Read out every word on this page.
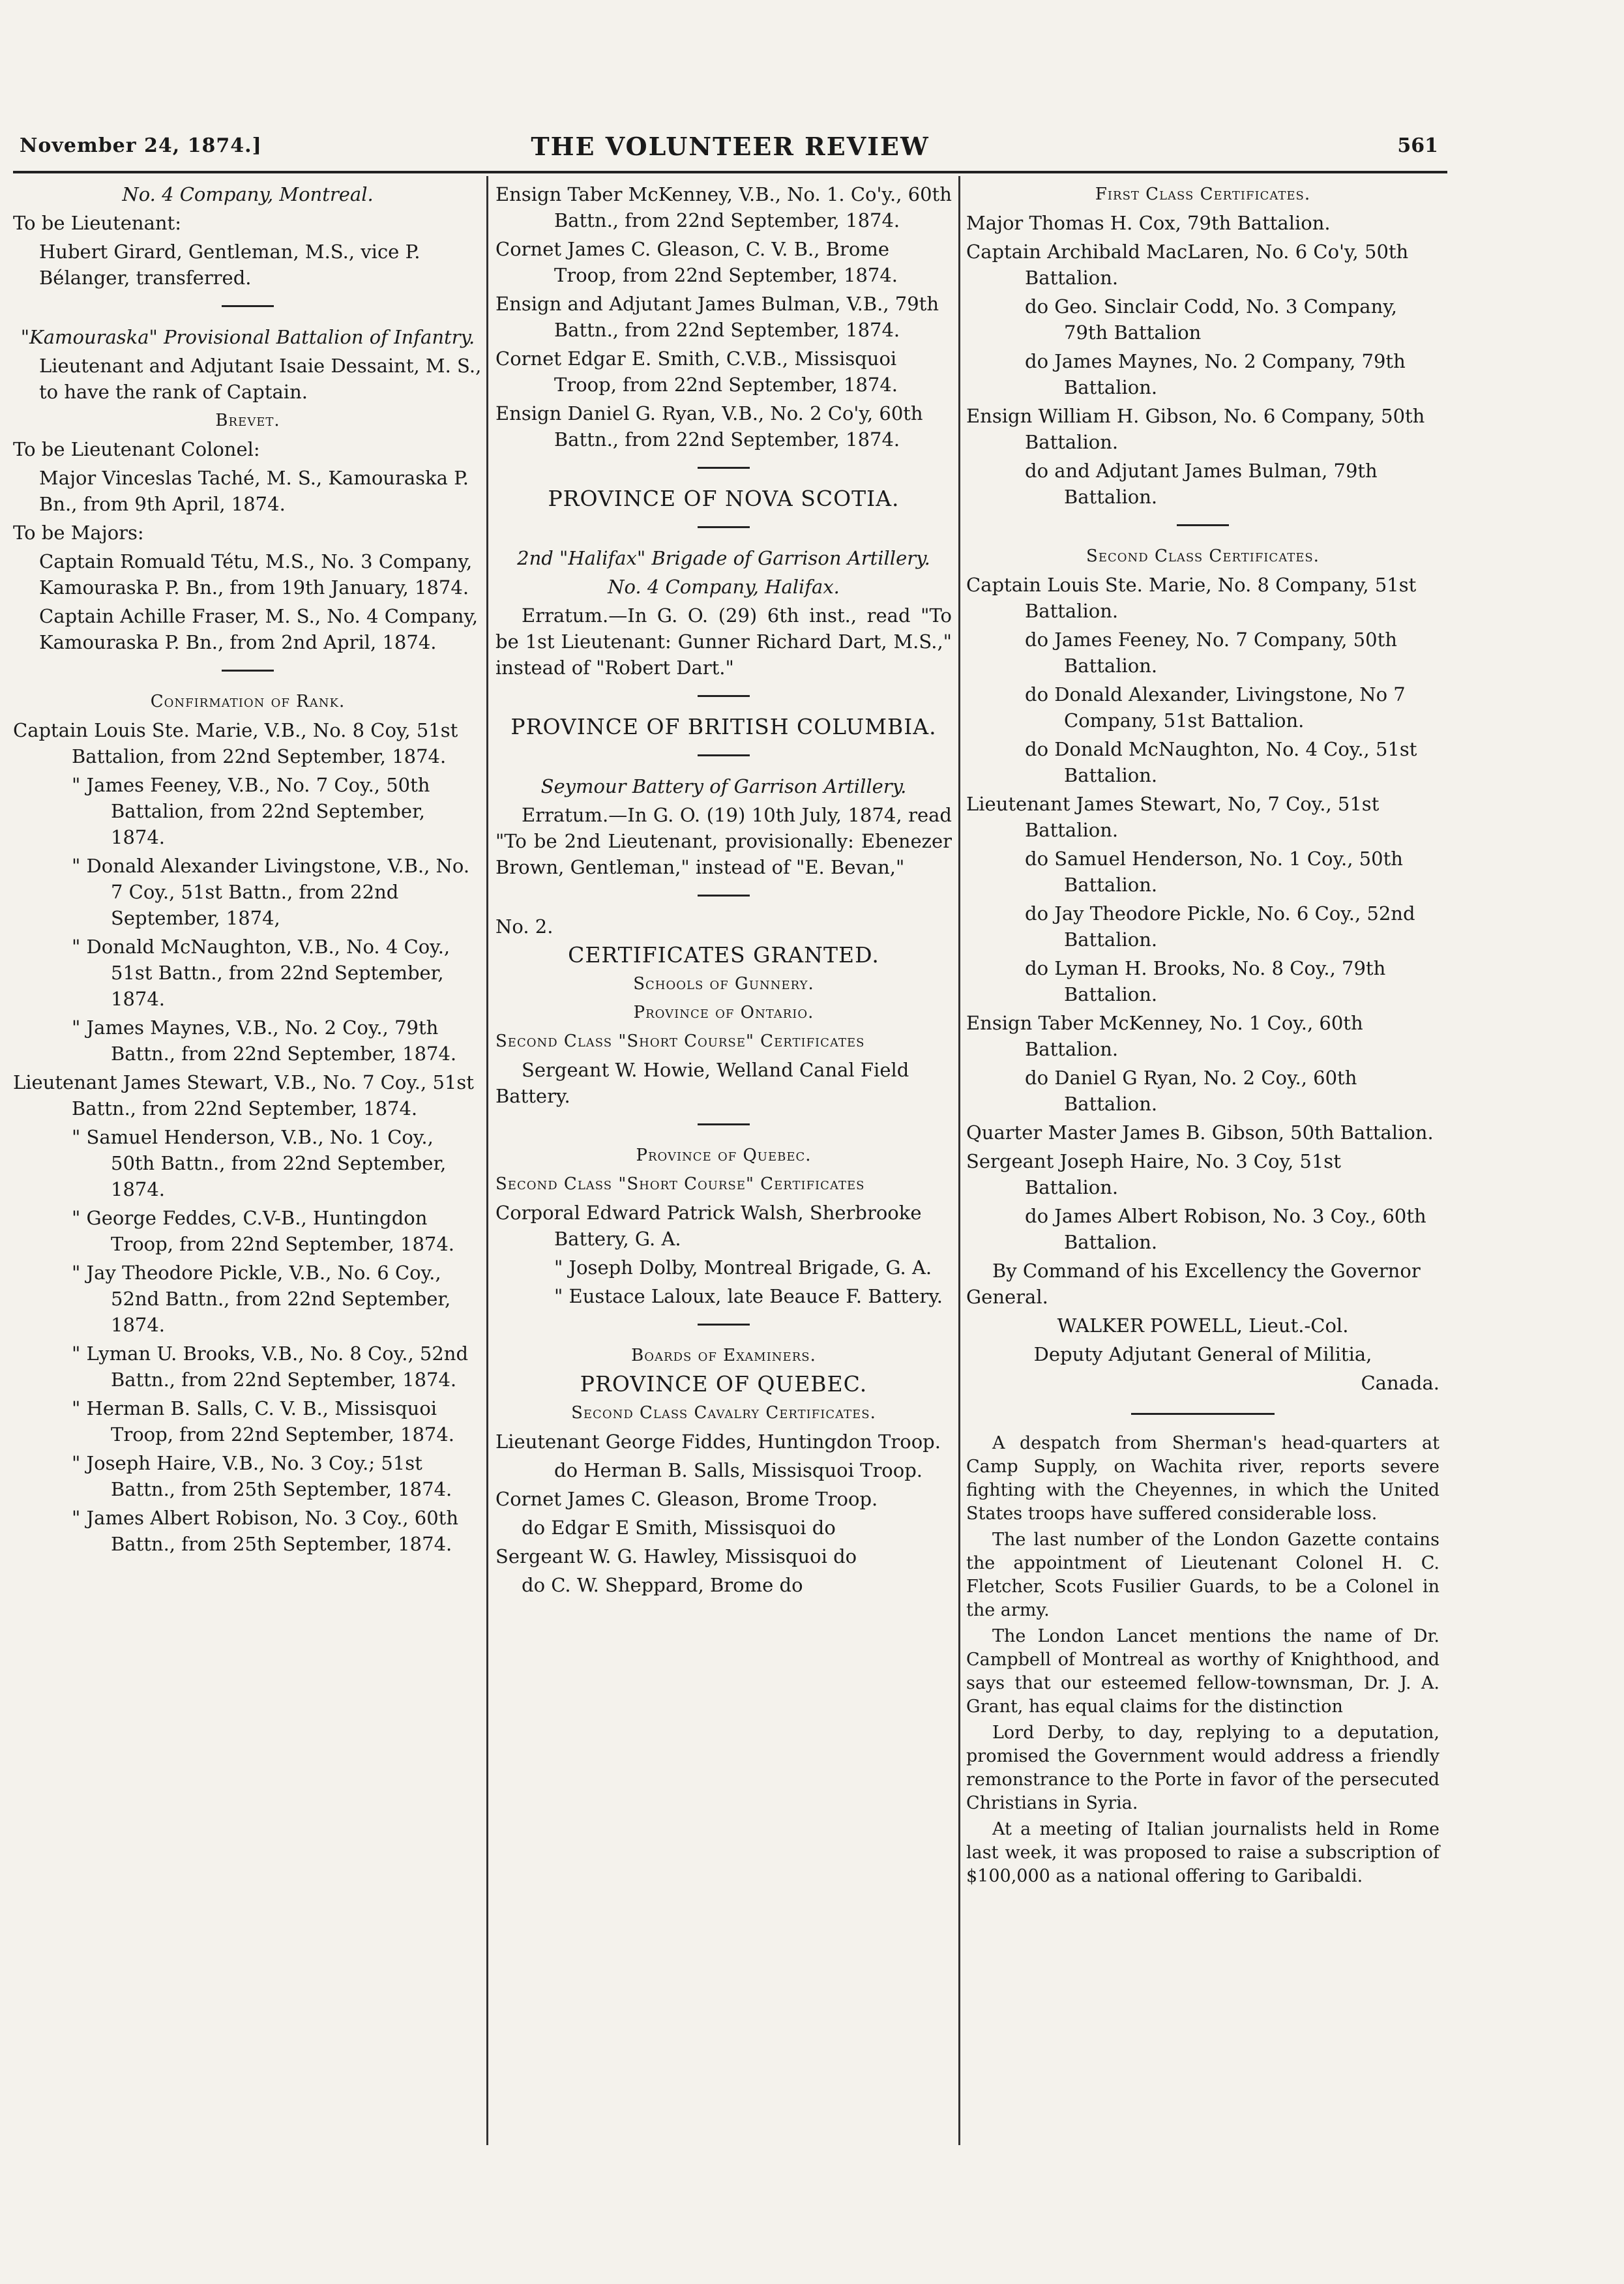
November 24, 1874.]	THE VOLUNTEER REVIEW	561

No. 4 Company, Montreal.

To be Lieutenant:

Hubert Girard, Gentleman, M.S., vice P. Bélanger, transferred.

"Kamouraska" Provisional Battalion of Infantry.

Lieutenant and Adjutant Isaie Dessaint, M. S., to have the rank of Captain.

Brevet.

To be Lieutenant Colonel:

Major Vinceslas Taché, M. S., Kamouraska P. Bn., from 9th April, 1874.

To be Majors:

Captain Romuald Tétu, M.S., No. 3 Company, Kamouraska P. Bn., from 19th January, 1874.

Captain Achille Fraser, M. S., No. 4 Company, Kamouraska P. Bn., from 2nd April, 1874.

Confirmation of Rank.

Captain Louis Ste. Marie, V.B., No. 8 Coy, 51st Battalion, from 22nd September, 1874.

" James Feeney, V.B., No. 7 Coy., 50th Battalion, from 22nd September, 1874.

" Donald Alexander Livingstone, V.B., No. 7 Coy., 51st Battn., from 22nd September, 1874,

" Donald McNaughton, V.B., No. 4 Coy., 51st Battn., from 22nd September, 1874.

" James Maynes, V.B., No. 2 Coy., 79th Battn., from 22nd September, 1874.

Lieutenant James Stewart, V.B., No. 7 Coy., 51st Battn., from 22nd September, 1874.

" Samuel Henderson, V.B., No. 1 Coy., 50th Battn., from 22nd September, 1874.

" George Feddes, C.V-B., Huntingdon Troop, from 22nd September, 1874.

" Jay Theodore Pickle, V.B., No. 6 Coy., 52nd Battn., from 22nd September, 1874.

" Lyman U. Brooks, V.B., No. 8 Coy., 52nd Battn., from 22nd September, 1874.

" Herman B. Salls, C. V. B., Missisquoi Troop, from 22nd September, 1874.

" Joseph Haire, V.B., No. 3 Coy.; 51st Battn., from 25th September, 1874.

" James Albert Robison, No. 3 Coy., 60th Battn., from 25th September, 1874.

Ensign Taber McKenney, V.B., No. 1. Co'y., 60th Battn., from 22nd September, 1874.

Cornet James C. Gleason, C. V. B., Brome Troop, from 22nd September, 1874.

Ensign and Adjutant James Bulman, V.B., 79th Battn., from 22nd September, 1874.

Cornet Edgar E. Smith, C.V.B., Missisquoi Troop, from 22nd September, 1874.

Ensign Daniel G. Ryan, V.B., No. 2 Co'y, 60th Battn., from 22nd September, 1874.

PROVINCE OF NOVA SCOTIA.

2nd "Halifax" Brigade of Garrison Artillery.

No. 4 Company, Halifax.

Erratum.—In G. O. (29) 6th inst., read "To be 1st Lieutenant: Gunner Richard Dart, M.S.," instead of "Robert Dart."

PROVINCE OF BRITISH COLUMBIA.

Seymour Battery of Garrison Artillery.

Erratum.—In G. O. (19) 10th July, 1874, read "To be 2nd Lieutenant, provisionally: Ebenezer Brown, Gentleman," instead of "E. Bevan,"

No. 2.

CERTIFICATES GRANTED.

Schools of Gunnery.

Province of Ontario.

Second Class "Short Course" Certificates

Sergeant W. Howie, Welland Canal Field Battery.

Province of Quebec.

Second Class "Short Course" Certificates

Corporal Edward Patrick Walsh, Sherbrooke Battery, G. A.

" Joseph Dolby, Montreal Brigade, G. A.

" Eustace Laloux, late Beauce F. Battery.

Boards of Examiners.

PROVINCE OF QUEBEC.

Second Class Cavalry Certificates.

Lieutenant George Fiddes, Huntingdon Troop.

do Herman B. Salls, Missisquoi Troop.

Cornet James C. Gleason, Brome Troop.

do Edgar E Smith, Missisquoi do

Sergeant W. G. Hawley, Missisquoi do

do C. W. Sheppard, Brome do

First Class Certificates.

Major Thomas H. Cox, 79th Battalion.

Captain Archibald MacLaren, No. 6 Co'y, 50th Battalion.

do Geo. Sinclair Codd, No. 3 Company, 79th Battalion

do James Maynes, No. 2 Company, 79th Battalion.

Ensign William H. Gibson, No. 6 Company, 50th Battalion.

do and Adjutant James Bulman, 79th Battalion.

Second Class Certificates.

Captain Louis Ste. Marie, No. 8 Company, 51st Battalion.

do James Feeney, No. 7 Company, 50th Battalion.

do Donald Alexander, Livingstone, No 7 Company, 51st Battalion.

do Donald McNaughton, No. 4 Coy., 51st Battalion.

Lieutenant James Stewart, No, 7 Coy., 51st Battalion.

do Samuel Henderson, No. 1 Coy., 50th Battalion.

do Jay Theodore Pickle, No. 6 Coy., 52nd Battalion.

do Lyman H. Brooks, No. 8 Coy., 79th Battalion.

Ensign Taber McKenney, No. 1 Coy., 60th Battalion.

do Daniel G Ryan, No. 2 Coy., 60th Battalion.

Quarter Master James B. Gibson, 50th Battalion.

Sergeant Joseph Haire, No. 3 Coy, 51st Battalion.

do James Albert Robison, No. 3 Coy., 60th Battalion.

By Command of his Excellency the Governor General.

WALKER POWELL, Lieut.-Col.

Deputy Adjutant General of Militia,

Canada.

A despatch from Sherman's head-quarters at Camp Supply, on Wachita river, reports severe fighting with the Cheyennes, in which the United States troops have suffered considerable loss.

The last number of the London Gazette contains the appointment of Lieutenant Colonel H. C. Fletcher, Scots Fusilier Guards, to be a Colonel in the army.

The London Lancet mentions the name of Dr. Campbell of Montreal as worthy of Knighthood, and says that our esteemed fellow-townsman, Dr. J. A. Grant, has equal claims for the distinction

Lord Derby, to day, replying to a deputation, promised the Government would address a friendly remonstrance to the Porte in favor of the persecuted Christians in Syria.

At a meeting of Italian journalists held in Rome last week, it was proposed to raise a subscription of $100,000 as a national offering to Garibaldi.
